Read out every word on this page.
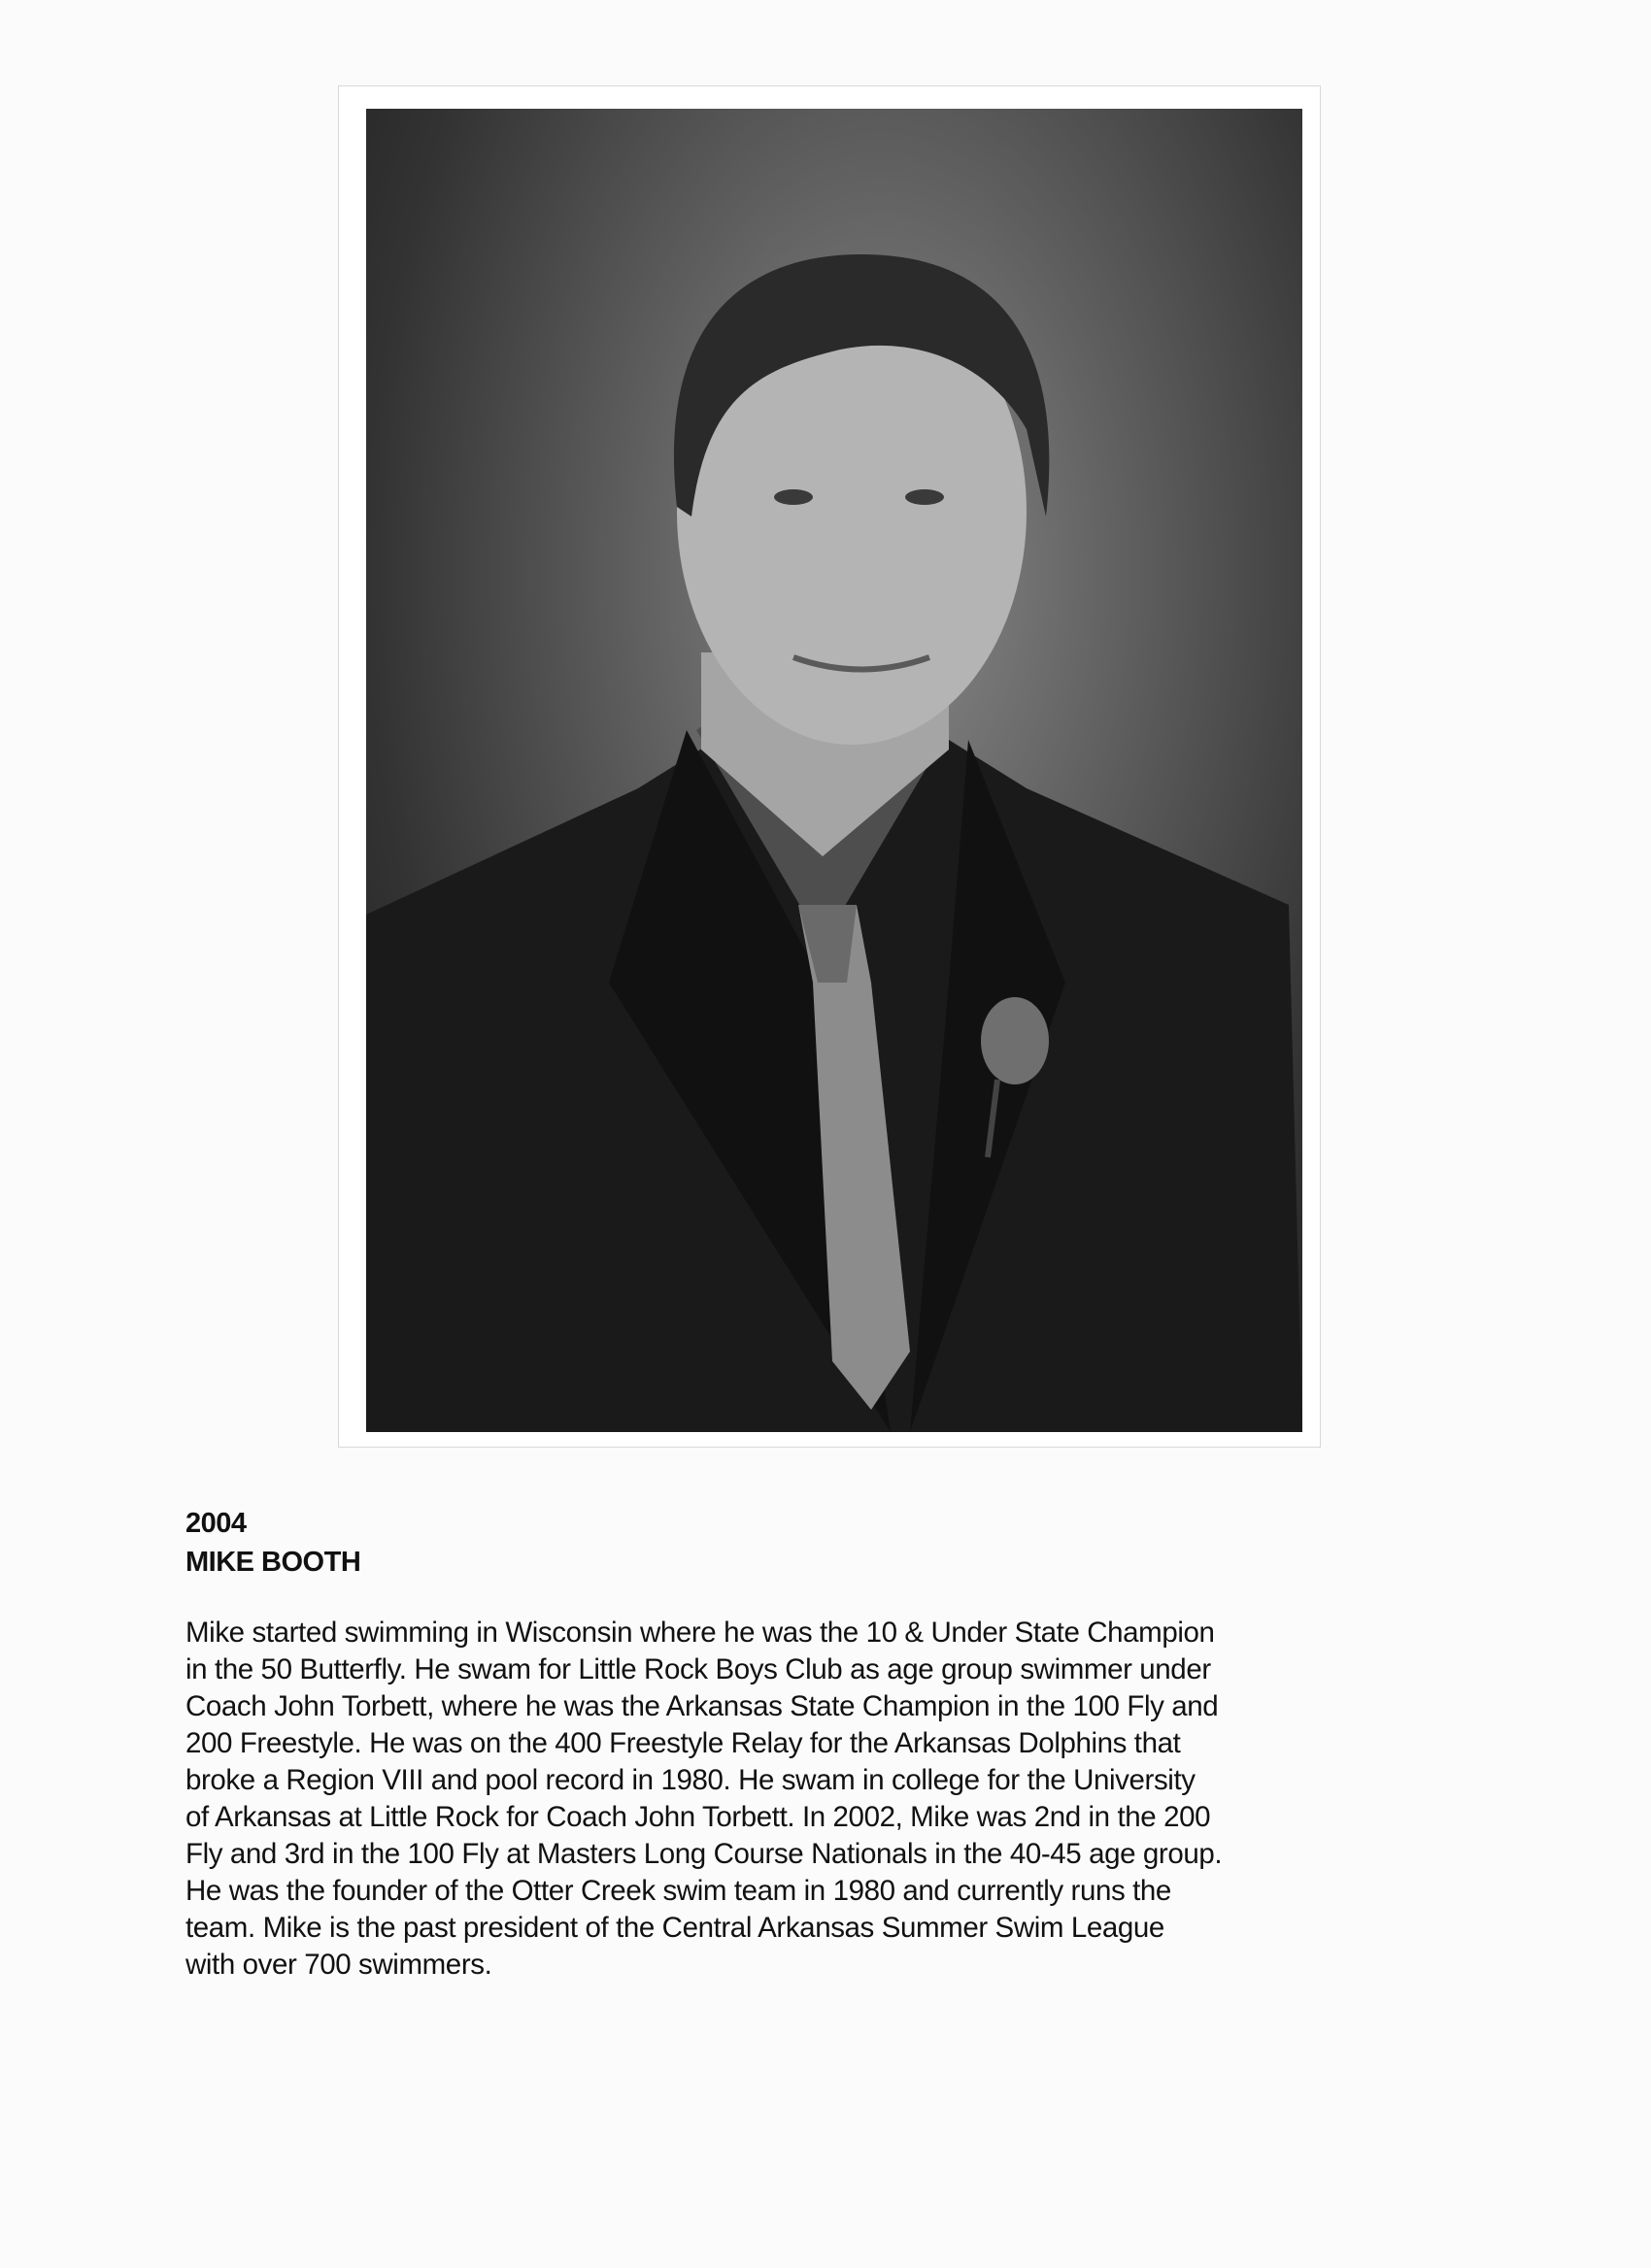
2004
MIKE BOOTH
Mike started swimming in Wisconsin where he was the 10 & Under State Champion
in the 50 Butterfly. He swam for Little Rock Boys Club as age group swimmer under
Coach John Torbett, where he was the Arkansas State Champion in the 100 Fly and
200 Freestyle. He was on the 400 Freestyle Relay for the Arkansas Dolphins that
broke a Region VIII and pool record in 1980. He swam in college for the University
of Arkansas at Little Rock for Coach John Torbett. In 2002, Mike was 2nd in the 200
Fly and 3rd in the 100 Fly at Masters Long Course Nationals in the 40-45 age group.
He was the founder of the Otter Creek swim team in 1980 and currently runs the
team. Mike is the past president of the Central Arkansas Summer Swim League
with over 700 swimmers.
